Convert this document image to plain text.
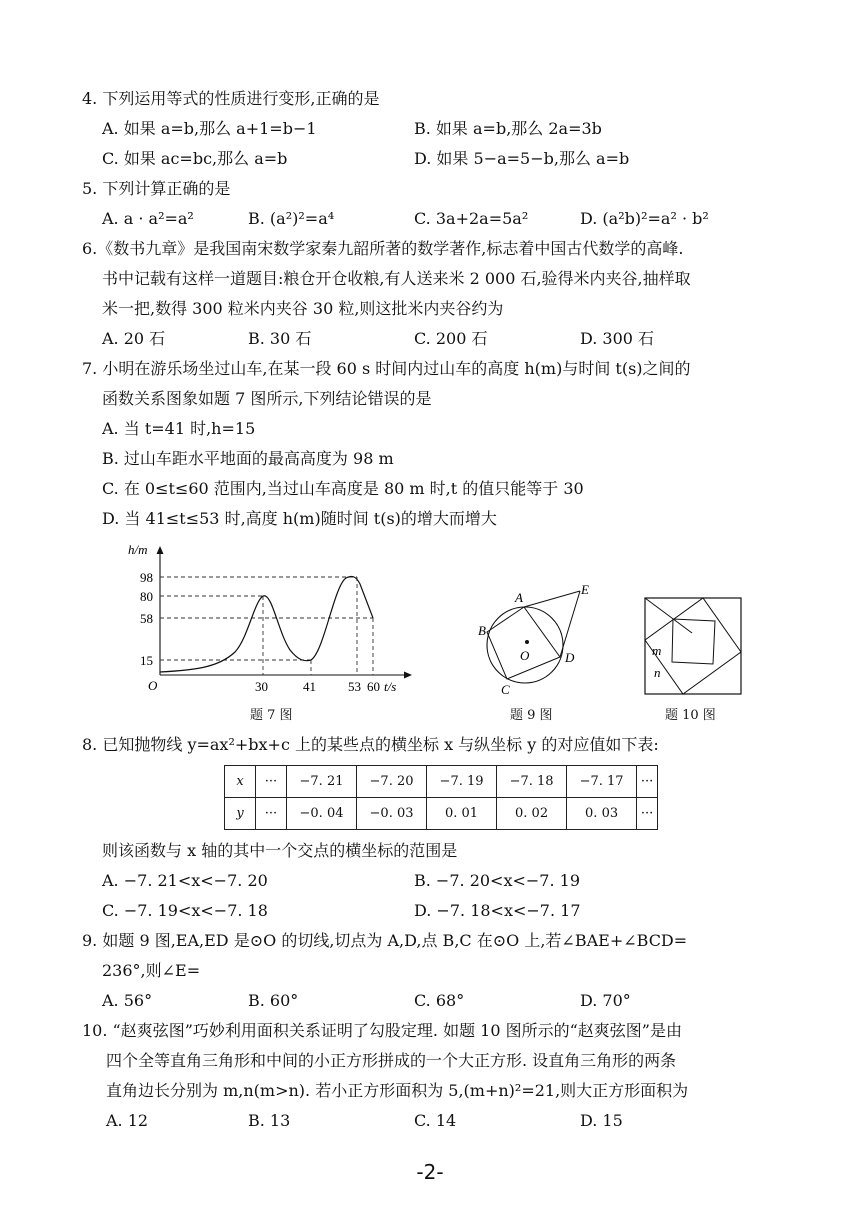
4. 下列运用等式的性质进行变形,正确的是
A. 如果 a=b,那么 a+1=b−1	B. 如果 a=b,那么 2a=3b
C. 如果 ac=bc,那么 a=b	D. 如果 5−a=5−b,那么 a=b
5. 下列计算正确的是
A. a · a²=a²	B. (a²)²=a⁴	C. 3a+2a=5a²	D. (a²b)²=a² · b²
6.《数书九章》是我国南宋数学家秦九韶所著的数学著作,标志着中国古代数学的高峰.
书中记载有这样一道题目:粮仓开仓收粮,有人送来米 2 000 石,验得米内夹谷,抽样取
米一把,数得 300 粒米内夹谷 30 粒,则这批米内夹谷约为
A. 20 石	B. 30 石	C. 200 石	D. 300 石
7. 小明在游乐场坐过山车,在某一段 60 s 时间内过山车的高度 h(m)与时间 t(s)之间的
函数关系图象如题 7 图所示,下列结论错误的是
A. 当 t=41 时,h=15
B. 过山车距水平地面的最高高度为 98 m
C. 在 0≤t≤60 范围内,当过山车高度是 80 m 时,t 的值只能等于 30
D. 当 41≤t≤53 时,高度 h(m)随时间 t(s)的增大而增大
h/m
98
80
58
15
O	30	41 53 60 t/s
题 7 图
A
B
C
D
E
O
题 9 图
m
n
题 10 图
8. 已知抛物线 y=ax²+bx+c 上的某些点的横坐标 x 与纵坐标 y 的对应值如下表:
x	···	−7. 21	−7. 20	−7. 19	−7. 18	−7. 17	···
y	···	−0. 04	−0. 03	0. 01	0. 02	0. 03	···
则该函数与 x 轴的其中一个交点的横坐标的范围是
A. −7. 21<x<−7. 20	B. −7. 20<x<−7. 19
C. −7. 19<x<−7. 18	D. −7. 18<x<−7. 17
9. 如题 9 图,EA,ED 是⊙O 的切线,切点为 A,D,点 B,C 在⊙O 上,若∠BAE+∠BCD=
236°,则∠E=
A. 56°	B. 60°	C. 68°	D. 70°
10. “赵爽弦图”巧妙利用面积关系证明了勾股定理. 如题 10 图所示的“赵爽弦图”是由
四个全等直角三角形和中间的小正方形拼成的一个大正方形. 设直角三角形的两条
直角边长分别为 m,n(m>n). 若小正方形面积为 5,(m+n)²=21,则大正方形面积为
A. 12	B. 13	C. 14	D. 15
-2-
